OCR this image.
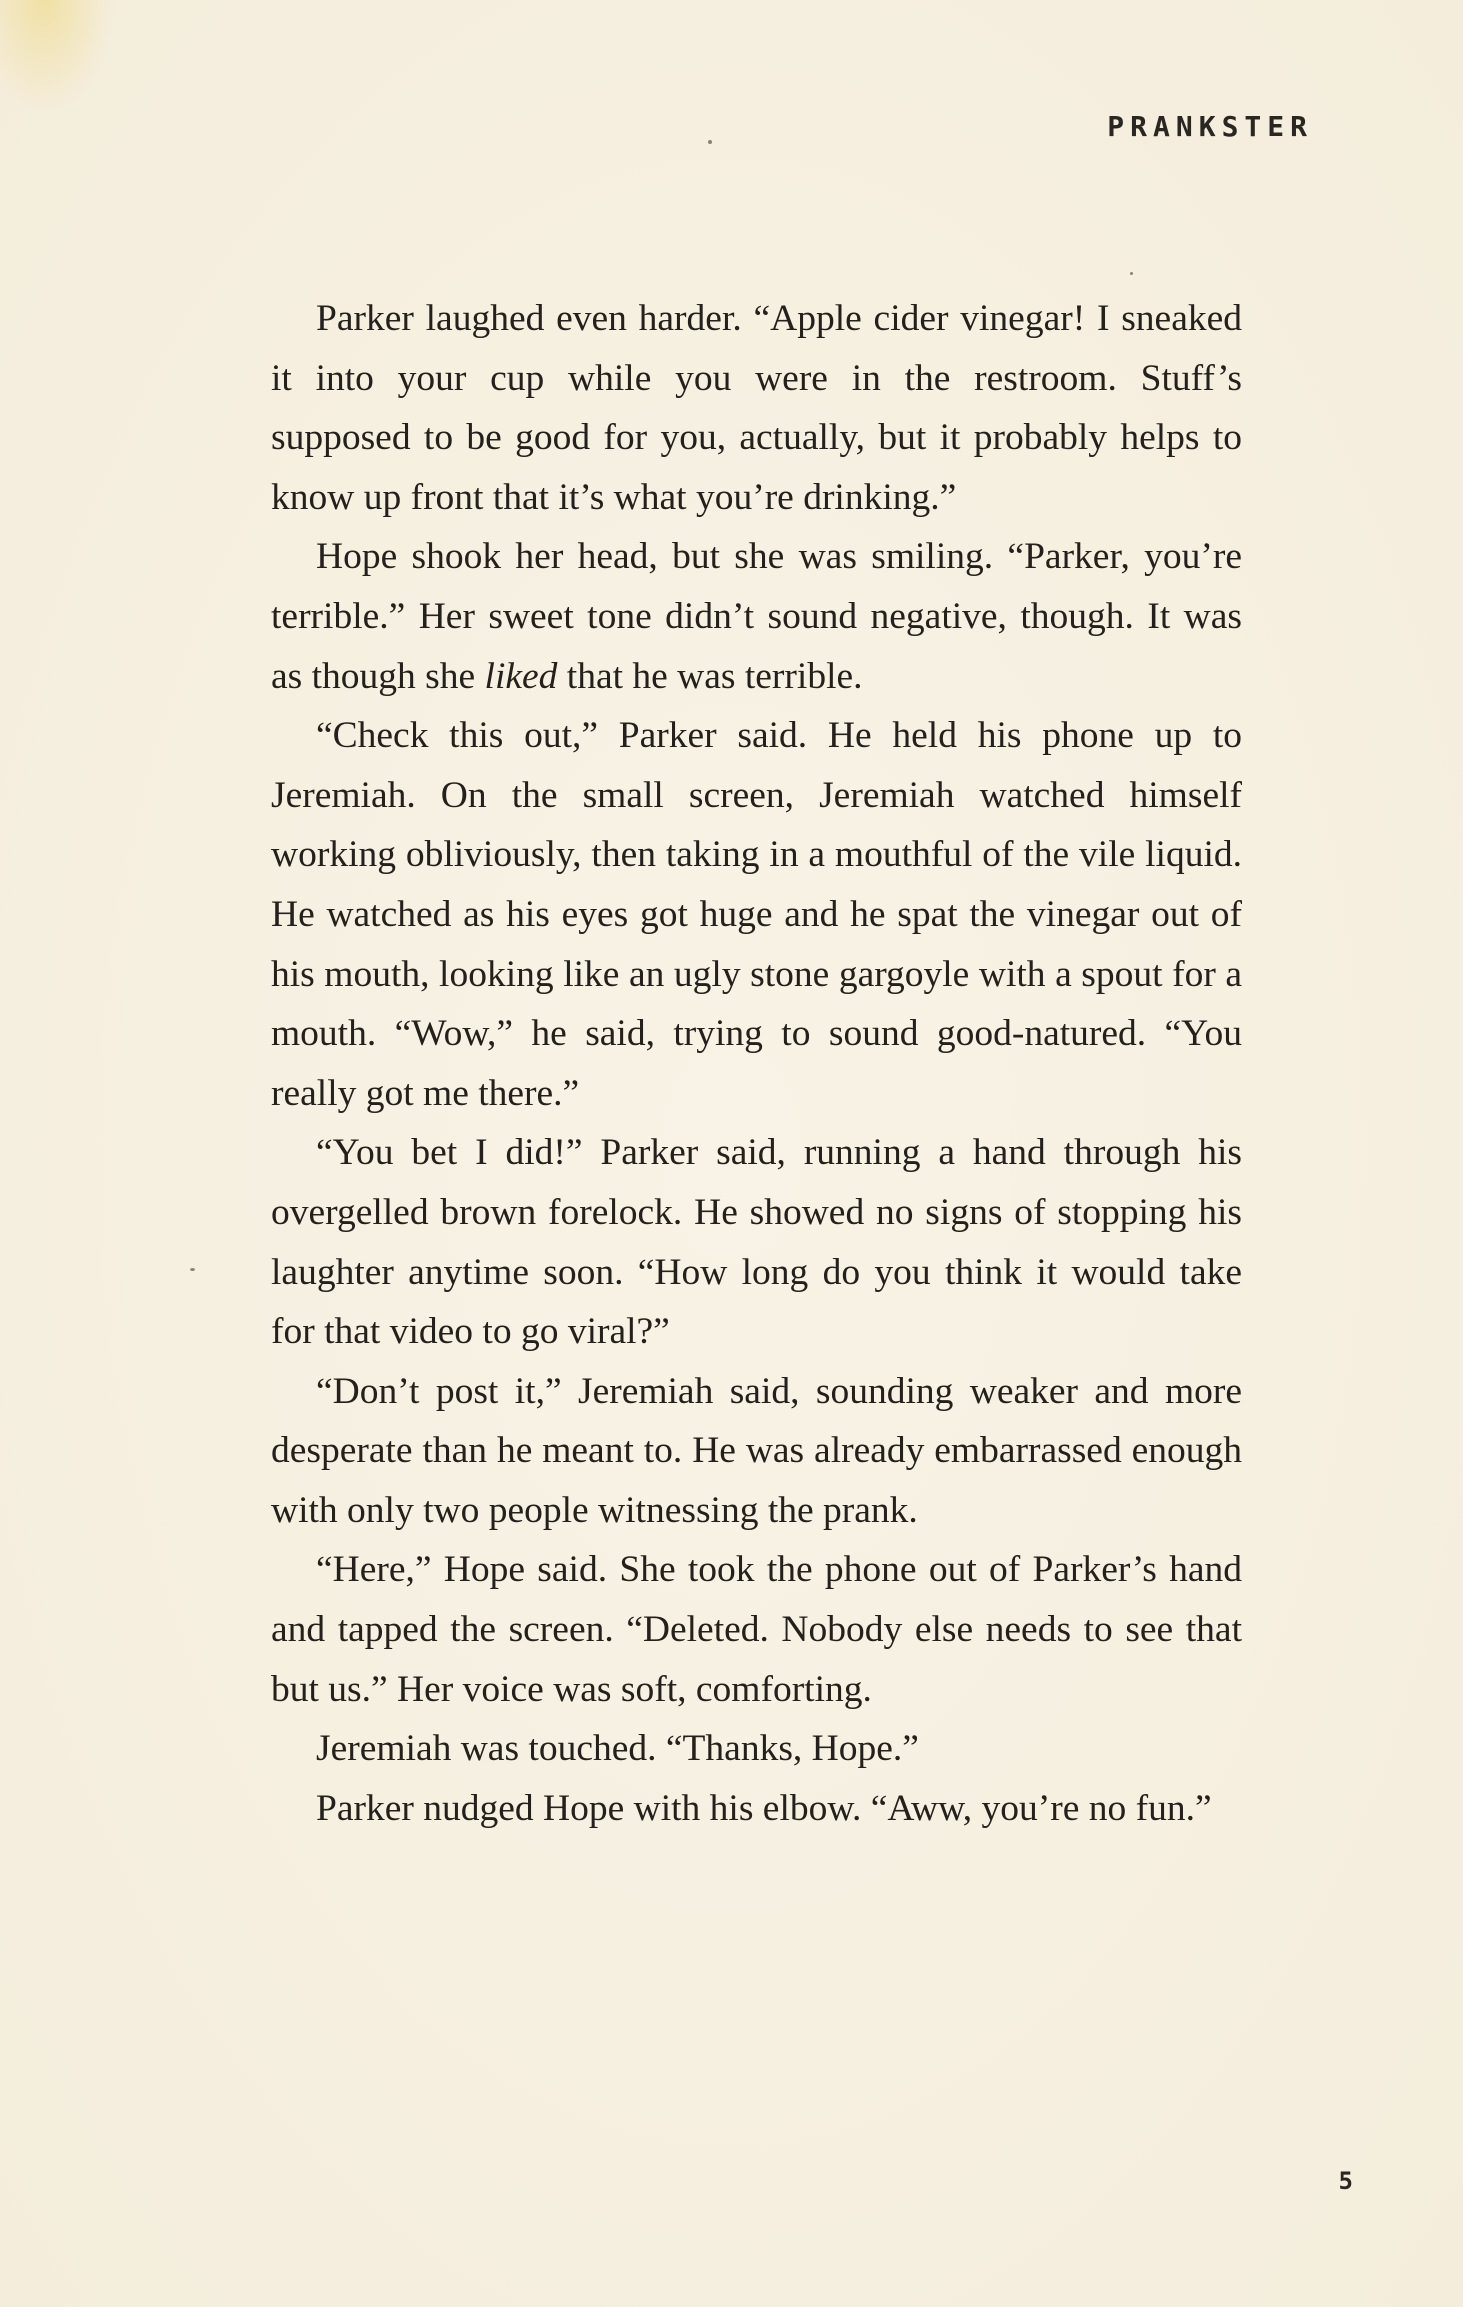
PRANKSTER

Parker laughed even harder. “Apple cider vinegar! I sneaked it into your cup while you were in the restroom. Stuff’s supposed to be good for you, actually, but it probably helps to know up front that it’s what you’re drinking.”

Hope shook her head, but she was smiling. “Parker, you’re terrible.” Her sweet tone didn’t sound negative, though. It was as though she liked that he was terrible.

“Check this out,” Parker said. He held his phone up to Jeremiah. On the small screen, Jeremiah watched himself working obliviously, then taking in a mouthful of the vile liquid. He watched as his eyes got huge and he spat the vinegar out of his mouth, looking like an ugly stone gargoyle with a spout for a mouth. “Wow,” he said, trying to sound good-natured. “You really got me there.”

“You bet I did!” Parker said, running a hand through his overgelled brown forelock. He showed no signs of stopping his laughter anytime soon. “How long do you think it would take for that video to go viral?”

“Don’t post it,” Jeremiah said, sounding weaker and more desperate than he meant to. He was already embarrassed enough with only two people witnessing the prank.

“Here,” Hope said. She took the phone out of Parker’s hand and tapped the screen. “Deleted. Nobody else needs to see that but us.” Her voice was soft, comforting.

Jeremiah was touched. “Thanks, Hope.”

Parker nudged Hope with his elbow. “Aww, you’re no fun.”

5
